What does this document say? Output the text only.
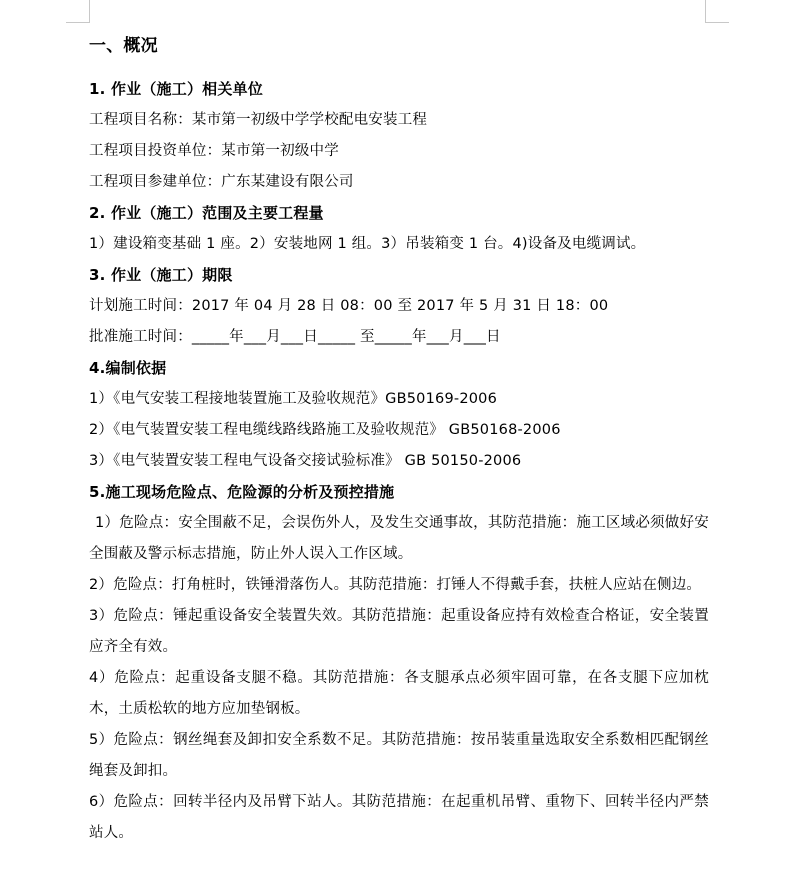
一、概况
1. 作业（施工）相关单位
工程项目名称：某市第一初级中学学校配电安装工程
工程项目投资单位：某市第一初级中学
工程项目参建单位：广东某建设有限公司
2. 作业（施工）范围及主要工程量
1）建设箱变基础 1 座。2）安装地网 1 组。3）吊装箱变 1 台。4)设备及电缆调试。
3. 作业（施工）期限
计划施工时间：2017 年 04 月 28 日 08：00 至 2017 年 5 月 31 日 18：00
批准施工时间：_____年___月___日_____ 至_____年___月___日
4.编制依据
1）《电气安装工程接地装置施工及验收规范》GB50169-2006
2）《电气装置安装工程电缆线路线路施工及验收规范》 GB50168-2006
3）《电气装置安装工程电气设备交接试验标准》 GB 50150-2006
5.施工现场危险点、危险源的分析及预控措施
1）危险点：安全围蔽不足，会误伤外人，及发生交通事故，其防范措施：施工区域必须做好安全围蔽及警示标志措施，防止外人误入工作区域。
2）危险点：打角桩时，铁锤滑落伤人。其防范措施：打锤人不得戴手套，扶桩人应站在侧边。
3）危险点：锤起重设备安全装置失效。其防范措施：起重设备应持有效检查合格证，安全装置应齐全有效。
4）危险点：起重设备支腿不稳。其防范措施：各支腿承点必须牢固可靠，在各支腿下应加枕木，土质松软的地方应加垫钢板。
5）危险点：钢丝绳套及卸扣安全系数不足。其防范措施：按吊装重量选取安全系数相匹配钢丝绳套及卸扣。
6）危险点：回转半径内及吊臂下站人。其防范措施：在起重机吊臂、重物下、回转半径内严禁站人。
